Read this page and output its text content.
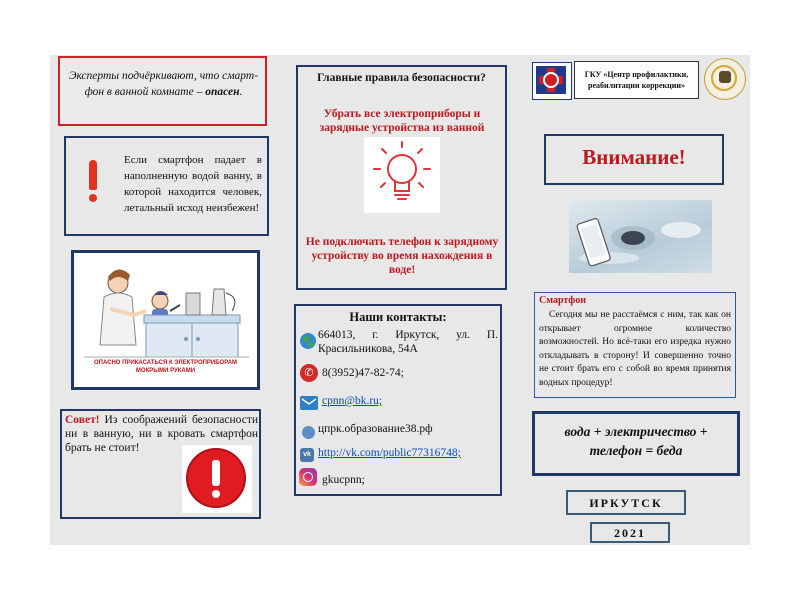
Эксперты подчёркивают, что смарт-фон в ванной комнате – опасен.

Если смартфон падает в наполненную водой ванну, в которой находится человек, летальный исход неизбежен!

ОПАСНО ПРИКАСАТЬСЯ К ЭЛЕКТРОПРИБОРАМ МОКРЫМИ РУКАМИ

Совет! Из соображений безопасности ни в ванную, ни в кровать смартфон брать не стоит!

Главные правила безопасности?

Убрать все электроприборы и зарядные устройства из ванной

Не подключать телефон к зарядному устройству во время нахождения в воде!

Наши контакты:

664013, г. Иркутск, ул. П. Красильникова, 54А

✆ 8(3952)47-82-74;

cpnn@bk.ru;

цпрк.образование38.рф

vk http://vk.com/public77316748;

gkucpnn;

ГКУ «Центр профилактики, реабилитации коррекции»

Внимание!

Смартфон

Сегодня мы не расстаёмся с ним, так как он открывает огромное количество возможностей. Но всё-таки его изредка нужно откладывать в сторону! И совершенно точно не стоит брать его с собой во время принятия водных процедур!

вода + электричество + телефон = беда

ИРКУТСК

2021
